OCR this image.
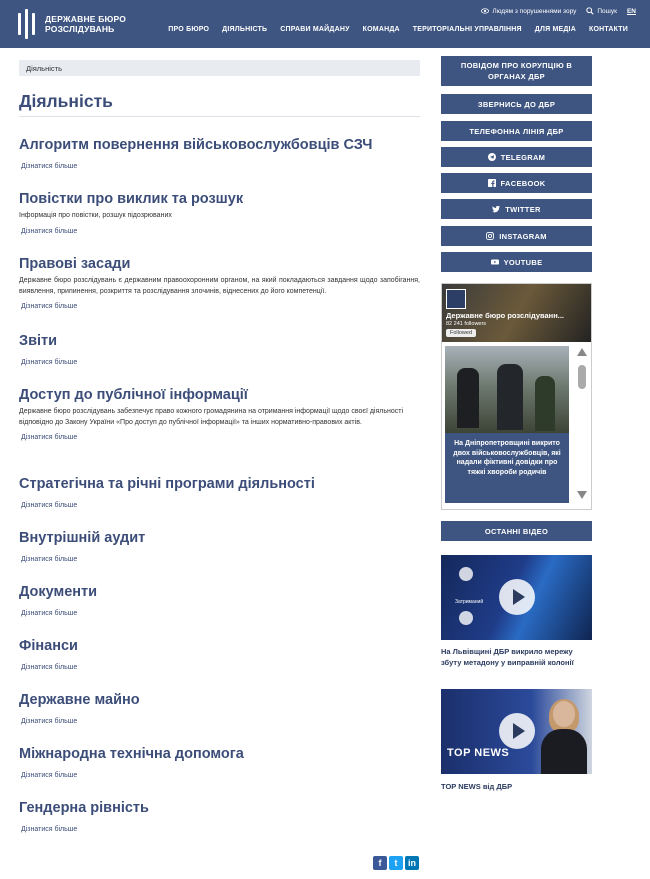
ДЕРЖАВНЕ БЮРО
РОЗСЛІДУВАНЬ
Людям з порушеннями зору	Пошук EN
ПРО БЮРО ДІЯЛЬНІСТЬ СПРАВИ МАЙДАНУ КОМАНДА ТЕРИТОРІАЛЬНІ УПРАВЛІННЯ ДЛЯ МЕДІА КОНТАКТИ
Діяльність
Діяльність
Алгоритм повернення військовослужбовців СЗЧ
Дізнатися більше
Повістки про виклик та розшук

Інформація про повістки, розшук підозрюваних

Дізнатися більше
Правові засади

Державне бюро розслідувань є державним правоохоронним органом, на який покладаються завдання щодо запобігання, виявлення, припинення, розкриття та розслідування злочинів, віднесених до його компетенції.

Дізнатися більше
Звіти
Дізнатися більше
Доступ до публічної інформації

Державне бюро розслідувань забезпечує право кожного громадянина на отримання інформації щодо своєї діяльності відповідно до Закону України «Про доступ до публічної інформації» та інших нормативно-правових актів.

Дізнатися більше
Стратегічна та річні програми діяльності
Дізнатися більше
Внутрішній аудит
Дізнатися більше
Документи
Дізнатися більше
Фінанси
Дізнатися більше
Державне майно
Дізнатися більше
Міжнародна технічна допомога
Дізнатися більше
Гендерна рівність
Дізнатися більше
ПОВІДОМ ПРО КОРУПЦІЮ В ОРГАНАХ ДБР
ЗВЕРНИСЬ ДО ДБР
ТЕЛЕФОННА ЛІНІЯ ДБР
TELEGRAM
FACEBOOK
TWITTER
INSTAGRAM
YOUTUBE
Державне бюро розслідуванн...
82 241 followers
Followed
На Дніпропетровщині викрито двох військовослужбовців, які надали фіктивні довідки про тяжкі хвороби родичів
ОСТАННІ ВІДЕО
Затриманий
На Львівщині ДБР викрило мережу збуту метадону у виправній колонії
TOP NEWS
TOP NEWS від ДБР
f	t	in
